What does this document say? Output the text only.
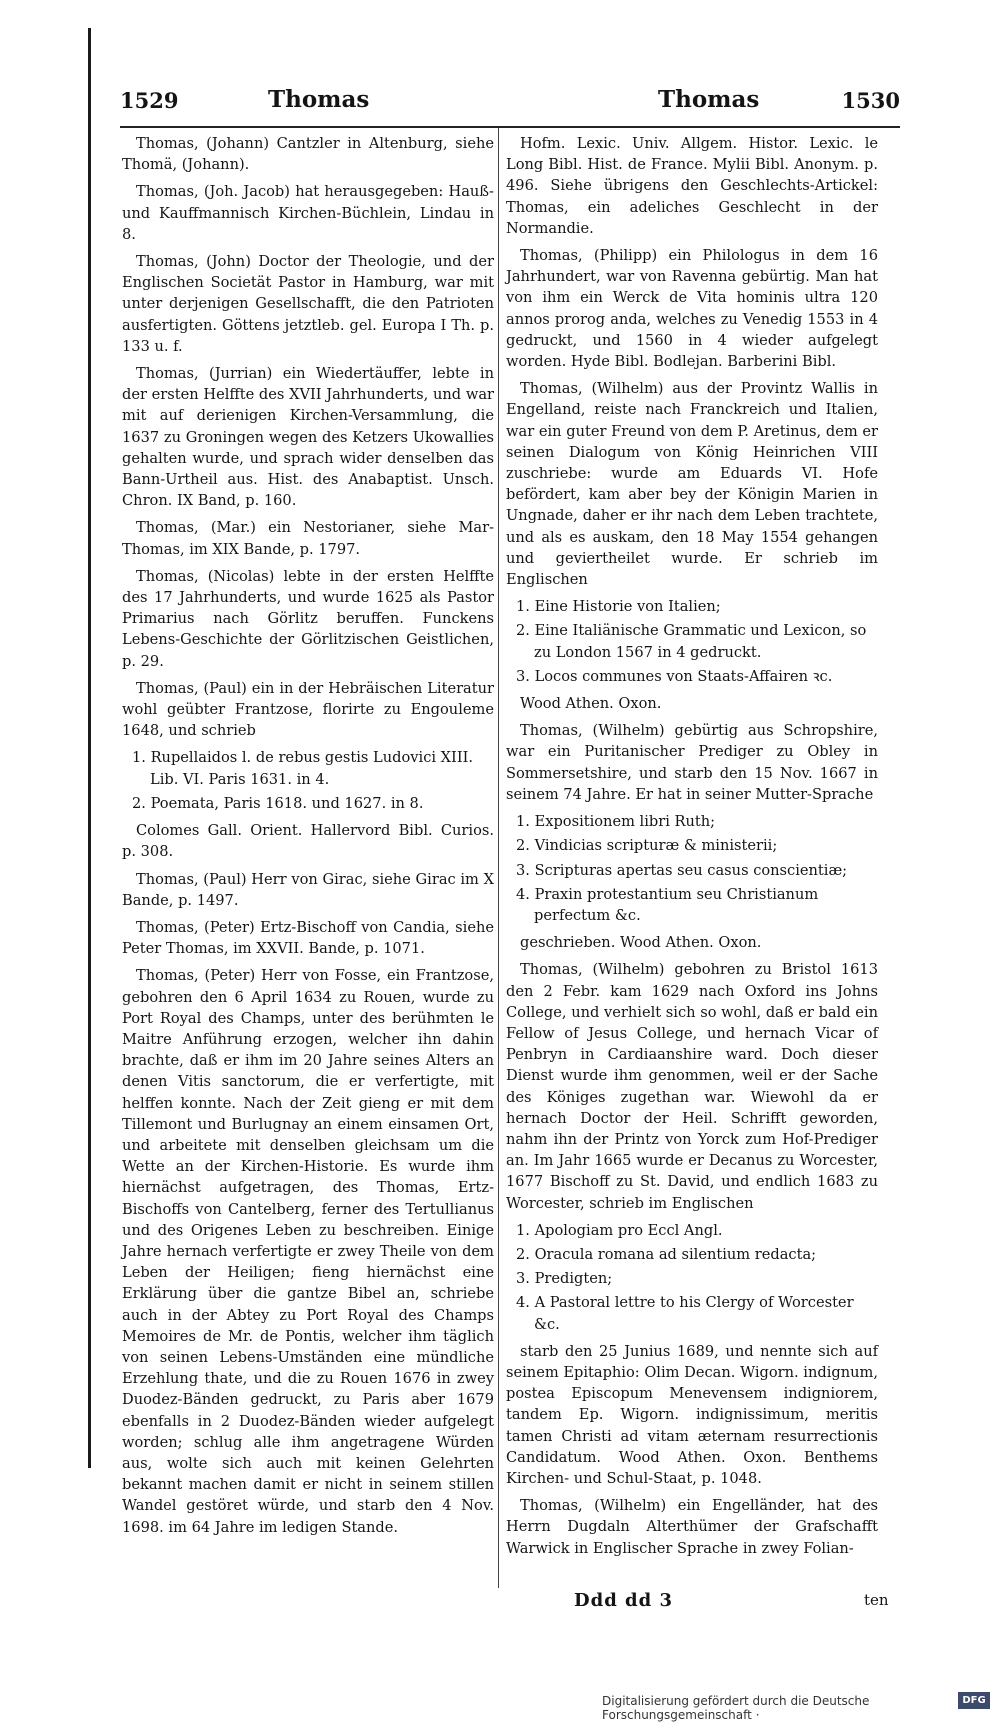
1529	Thomas	Thomas	1530

Thomas, (Johann) Cantzler in Altenburg, siehe Thomä, (Johann).

Thomas, (Joh. Jacob) hat herausgegeben: Hauß-und Kauffmannisch Kirchen-Büchlein, Lindau in 8.

Thomas, (John) Doctor der Theologie, und der Englischen Societät Pastor in Hamburg, war mit unter derjenigen Gesellschafft, die den Patrioten ausfertigten. Göttens jetztleb. gel. Europa I Th. p. 133 u. f.

Thomas, (Jurrian) ein Wiedertäuffer, lebte in der ersten Helffte des XVII Jahrhunderts, und war mit auf derienigen Kirchen-Versammlung, die 1637 zu Groningen wegen des Ketzers Ukowallies gehalten wurde, und sprach wider denselben das Bann-Urtheil aus. Hist. des Anabaptist. Unsch. Chron. IX Band, p. 160.

Thomas, (Mar.) ein Nestorianer, siehe Mar-Thomas, im XIX Bande, p. 1797.

Thomas, (Nicolas) lebte in der ersten Helffte des 17 Jahrhunderts, und wurde 1625 als Pastor Primarius nach Görlitz beruffen. Funckens Lebens-Geschichte der Görlitzischen Geistlichen, p. 29.

Thomas, (Paul) ein in der Hebräischen Literatur wohl geübter Frantzose, florirte zu Engouleme 1648, und schrieb

1. Rupellaidos l. de rebus gestis Ludovici XIII. Lib. VI. Paris 1631. in 4.
2. Poemata, Paris 1618. und 1627. in 8.

Colomes Gall. Orient. Hallervord Bibl. Curios. p. 308.

Thomas, (Paul) Herr von Girac, siehe Girac im X Bande, p. 1497.

Thomas, (Peter) Ertz-Bischoff von Candia, siehe Peter Thomas, im XXVII. Bande, p. 1071.

Thomas, (Peter) Herr von Fosse, ein Frantzose, gebohren den 6 April 1634 zu Rouen, wurde zu Port Royal des Champs, unter des berühmten le Maitre Anführung erzogen, welcher ihn dahin brachte, daß er ihm im 20 Jahre seines Alters an denen Vitis sanctorum, die er verfertigte, mit helffen konnte. Nach der Zeit gieng er mit dem Tillemont und Burlugnay an einem einsamen Ort, und arbeitete mit denselben gleichsam um die Wette an der Kirchen-Historie. Es wurde ihm hiernächst aufgetragen, des Thomas, Ertz-Bischoffs von Cantelberg, ferner des Tertullianus und des Origenes Leben zu beschreiben. Einige Jahre hernach verfertigte er zwey Theile von dem Leben der Heiligen; fieng hiernächst eine Erklärung über die gantze Bibel an, schriebe auch in der Abtey zu Port Royal des Champs Memoires de Mr. de Pontis, welcher ihm täglich von seinen Lebens-Umständen eine mündliche Erzehlung thate, und die zu Rouen 1676 in zwey Duodez-Bänden gedruckt, zu Paris aber 1679 ebenfalls in 2 Duodez-Bänden wieder aufgelegt worden; schlug alle ihm angetragene Würden aus, wolte sich auch mit keinen Gelehrten bekannt machen damit er nicht in seinem stillen Wandel gestöret würde, und starb den 4 Nov. 1698. im 64 Jahre im ledigen Stande.

Hofm. Lexic. Univ. Allgem. Histor. Lexic. le Long Bibl. Hist. de France. Mylii Bibl. Anonym. p. 496. Siehe übrigens den Geschlechts-Artickel: Thomas, ein adeliches Geschlecht in der Normandie.

Thomas, (Philipp) ein Philologus in dem 16 Jahrhundert, war von Ravenna gebürtig. Man hat von ihm ein Werck de Vita hominis ultra 120 annos prorog anda, welches zu Venedig 1553 in 4 gedruckt, und 1560 in 4 wieder aufgelegt worden. Hyde Bibl. Bodlejan. Barberini Bibl.

Thomas, (Wilhelm) aus der Provintz Wallis in Engelland, reiste nach Franckreich und Italien, war ein guter Freund von dem P. Aretinus, dem er seinen Dialogum von König Heinrichen VIII zuschriebe: wurde am Eduards VI. Hofe befördert, kam aber bey der Königin Marien in Ungnade, daher er ihr nach dem Leben trachtete, und als es auskam, den 18 May 1554 gehangen und geviertheilet wurde. Er schrieb im Englischen

1. Eine Historie von Italien;
2. Eine Italiänische Grammatic und Lexicon, so zu London 1567 in 4 gedruckt.
3. Locos communes von Staats-Affairen ꝛc.

Wood Athen. Oxon.

Thomas, (Wilhelm) gebürtig aus Schropshire, war ein Puritanischer Prediger zu Obley in Sommersetshire, und starb den 15 Nov. 1667 in seinem 74 Jahre. Er hat in seiner Mutter-Sprache

1. Expositionem libri Ruth;
2. Vindicias scripturæ & ministerii;
3. Scripturas apertas seu casus conscientiæ;
4. Praxin protestantium seu Christianum perfectum &c.

geschrieben. Wood Athen. Oxon.

Thomas, (Wilhelm) gebohren zu Bristol 1613 den 2 Febr. kam 1629 nach Oxford ins Johns College, und verhielt sich so wohl, daß er bald ein Fellow of Jesus College, und hernach Vicar of Penbryn in Cardiaanshire ward. Doch dieser Dienst wurde ihm genommen, weil er der Sache des Königes zugethan war. Wiewohl da er hernach Doctor der Heil. Schrifft geworden, nahm ihn der Printz von Yorck zum Hof-Prediger an. Im Jahr 1665 wurde er Decanus zu Worcester, 1677 Bischoff zu St. David, und endlich 1683 zu Worcester, schrieb im Englischen

1. Apologiam pro Eccl Angl.
2. Oracula romana ad silentium redacta;
3. Predigten;
4. A Pastoral lettre to his Clergy of Worcester &c.

starb den 25 Junius 1689, und nennte sich auf seinem Epitaphio: Olim Decan. Wigorn. indignum, postea Episcopum Menevensem indigniorem, tandem Ep. Wigorn. indignissimum, meritis tamen Christi ad vitam æternam resurrectionis Candidatum. Wood Athen. Oxon. Benthems Kirchen- und Schul-Staat, p. 1048.

Thomas, (Wilhelm) ein Engelländer, hat des Herrn Dugdaln Alterthümer der Grafschafft Warwick in Englischer Sprache in zwey Folian-

Ddd dd 3	ten
Digitalisierung gefördert durch die Deutsche Forschungsgemeinschaft ·
DFG
